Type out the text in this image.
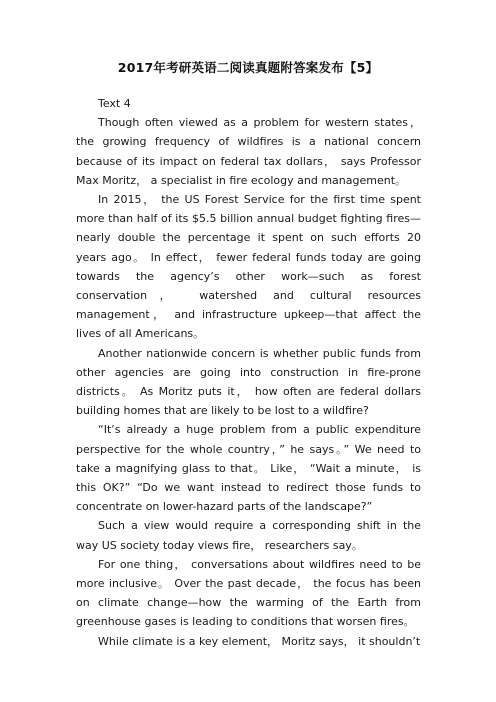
2017年考研英语二阅读真题附答案发布【5】

Text 4

Though often viewed as a problem for western states， the growing frequency of wildfires is a national concern because of its impact on federal tax dollars， says Professor Max Moritz， a specialist in fire ecology and management。

In 2015， the US Forest Service for the first time spent more than half of its $5.5 billion annual budget fighting fires—nearly double the percentage it spent on such efforts 20 years ago。 In effect， fewer federal funds today are going towards the agency’s other work—such as forest conservation， watershed and cultural resources management， and infrastructure upkeep—that affect the lives of all Americans。

Another nationwide concern is whether public funds from other agencies are going into construction in fire-prone districts。 As Moritz puts it， how often are federal dollars building homes that are likely to be lost to a wildfire?

“It’s already a huge problem from a public expenditure perspective for the whole country，” he says。” We need to take a magnifying glass to that。 Like， “Wait a minute， is this OK?” “Do we want instead to redirect those funds to concentrate on lower-hazard parts of the landscape?”

Such a view would require a corresponding shift in the way US society today views fire， researchers say。

For one thing， conversations about wildfires need to be more inclusive。 Over the past decade， the focus has been on climate change—how the warming of the Earth from greenhouse gases is leading to conditions that worsen fires。

While climate is a key element， Moritz says， it shouldn’t
